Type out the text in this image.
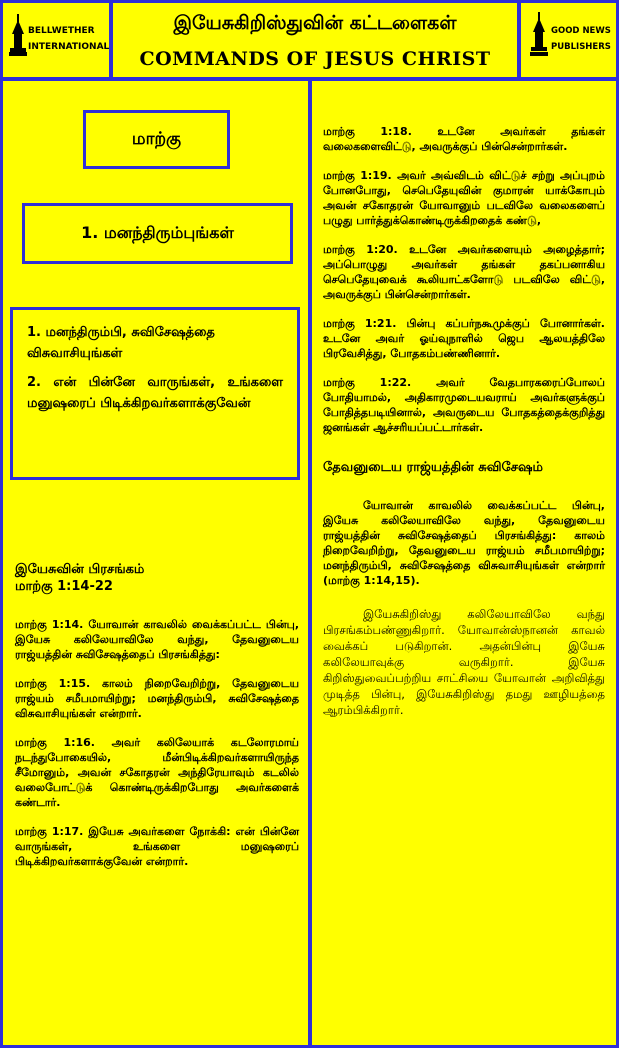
BELLWETHER
INTERNATIONAL
இயேசுகிறிஸ்துவின் கட்டளைகள்
COMMANDS OF JESUS CHRIST
GOOD NEWS
PUBLISHERS
மாற்கு
1. மனந்திரும்புங்கள்
1. மனந்திரும்பி, சுவிசேஷத்தை விசுவாசியுங்கள்
2. என் பின்னே வாருங்கள், உங்களை மனுஷரைப் பிடிக்கிறவர்களாக்குவேன்
இயேசுவின் பிரசங்கம்
மாற்கு 1:14-22

மாற்கு 1:14. யோவான் காவலில் வைக்கப்பட்ட பின்பு, இயேசு கலிலேயாவிலே வந்து, தேவனுடைய ராஜ்யத்தின் சுவிசேஷத்தைப் பிரசங்கித்து:

மாற்கு 1:15. காலம் நிறைவேறிற்று, தேவனுடைய ராஜ்யம் சமீபமாயிற்று; மனந்திரும்பி, சுவிசேஷத்தை விசுவாசியுங்கள் என்றார்.

மாற்கு 1:16. அவர் கலிலேயாக் கடலோரமாய் நடந்துபோகையில், மீன்பிடிக்கிறவர்களாயிருந்த சீமோனும், அவன் சகோதரன் அந்திரேயாவும் கடலில் வலைபோட்டுக் கொண்டிருக்கிறபோது அவர்களைக் கண்டார்.

மாற்கு 1:17. இயேசு அவர்களை நோக்கி: என் பின்னே வாருங்கள், உங்களை மனுஷரைப் பிடிக்கிறவர்களாக்குவேன் என்றார்.

மாற்கு 1:18. உடனே அவர்கள் தங்கள் வலைகளைவிட்டு, அவருக்குப் பின்சென்றார்கள்.

மாற்கு 1:19. அவர் அவ்விடம் விட்டுச் சற்று அப்புறம் போனபோது, செபெதேயுவின் குமாரன் யாக்கோபும் அவன் சகோதரன் யோவானும் படவிலே வலைகளைப் பழுது பார்த்துக்கொண்டிருக்கிறதைக் கண்டு,

மாற்கு 1:20. உடனே அவர்களையும் அழைத்தார்; அப்பொழுது அவர்கள் தங்கள் தகப்பனாகிய செபெதேயுவைக் கூலியாட்களோடு படவிலே விட்டு, அவருக்குப் பின்சென்றார்கள்.

மாற்கு 1:21. பின்பு கப்பர்நகூமுக்குப் போனார்கள். உடனே அவர் ஓய்வுநாளில் ஜெப ஆலயத்திலே பிரவேசித்து, போதகம்பண்ணினார்.

மாற்கு 1:22. அவர் வேதபாரகரைப்போலப் போதியாமல், அதிகாரமுடையவராய் அவர்களுக்குப் போதித்தபடியினால், அவருடைய போதகத்தைக்குறித்து ஜனங்கள் ஆச்சரியப்பட்டார்கள்.

தேவனுடைய ராஜ்யத்தின் சுவிசேஷம்

யோவான் காவலில் வைக்கப்பட்ட பின்பு, இயேசு கலிலேயாவிலே வந்து, தேவனுடைய ராஜ்யத்தின் சுவிசேஷத்தைப் பிரசங்கித்து: காலம் நிறைவேறிற்று, தேவனுடைய ராஜ்யம் சமீபமாயிற்று; மனந்திரும்பி, சுவிசேஷத்தை விசுவாசியுங்கள் என்றார் (மாற்கு 1:14,15).

இயேசுகிறிஸ்து கலிலேயாவிலே வந்து பிரசங்கம்பண்ணுகிறார். யோவான்ஸ்நானன் காவல் வைக்கப் படுகிறான். அதன்பின்பு இயேசு கலிலேயாவுக்கு வருகிறார். இயேசு கிறிஸ்துவைப்பற்றிய சாட்சியை யோவான் அறிவித்து முடித்த பின்பு, இயேசுகிறிஸ்து தமது ஊழியத்தை ஆரம்பிக்கிறார்.
